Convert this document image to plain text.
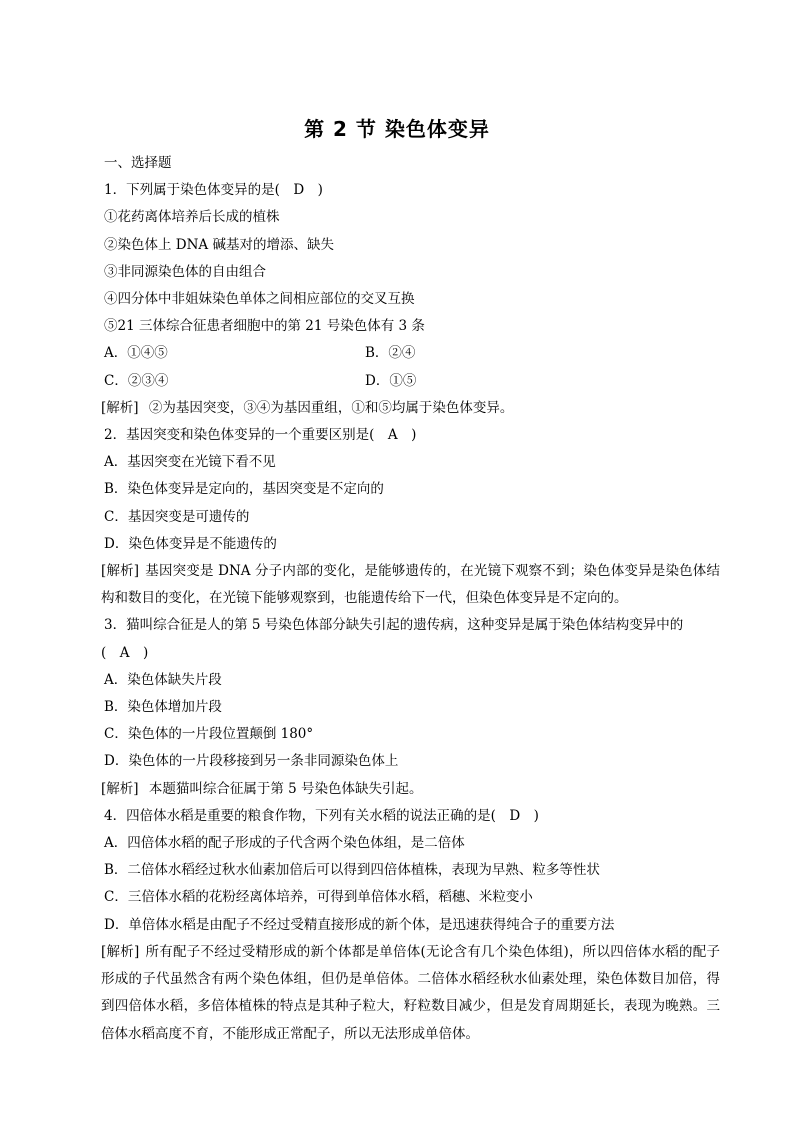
第 2 节 染色体变异
一、选择题
1．下列属于染色体变异的是(　D　)
①花药离体培养后长成的植株
②染色体上 DNA 碱基对的增添、缺失
③非同源染色体的自由组合
④四分体中非姐妹染色单体之间相应部位的交叉互换
⑤21 三体综合征患者细胞中的第 21 号染色体有 3 条
A．①④⑤	B．②④
C．②③④	D．①⑤
[解析] ②为基因突变，③④为基因重组，①和⑤均属于染色体变异。
2．基因突变和染色体变异的一个重要区别是(　A　)
A．基因突变在光镜下看不见
B．染色体变异是定向的，基因突变是不定向的
C．基因突变是可遗传的
D．染色体变异是不能遗传的
[解析] 基因突变是 DNA 分子内部的变化，是能够遗传的，在光镜下观察不到；染色体变异是染色体结构和数目的变化，在光镜下能够观察到，也能遗传给下一代，但染色体变异是不定向的。
3．猫叫综合征是人的第 5 号染色体部分缺失引起的遗传病，这种变异是属于染色体结构变异中的
(　A　)
A．染色体缺失片段
B．染色体增加片段
C．染色体的一片段位置颠倒 180°
D．染色体的一片段移接到另一条非同源染色体上
[解析] 本题猫叫综合征属于第 5 号染色体缺失引起。
4．四倍体水稻是重要的粮食作物，下列有关水稻的说法正确的是(　D　)
A．四倍体水稻的配子形成的子代含两个染色体组，是二倍体
B．二倍体水稻经过秋水仙素加倍后可以得到四倍体植株，表现为早熟、粒多等性状
C．三倍体水稻的花粉经离体培养，可得到单倍体水稻，稻穗、米粒变小
D．单倍体水稻是由配子不经过受精直接形成的新个体，是迅速获得纯合子的重要方法
[解析] 所有配子不经过受精形成的新个体都是单倍体(无论含有几个染色体组)，所以四倍体水稻的配子形成的子代虽然含有两个染色体组，但仍是单倍体。二倍体水稻经秋水仙素处理，染色体数目加倍，得到四倍体水稻，多倍体植株的特点是其种子粒大，籽粒数目减少，但是发育周期延长，表现为晚熟。三倍体水稻高度不育，不能形成正常配子，所以无法形成单倍体。
